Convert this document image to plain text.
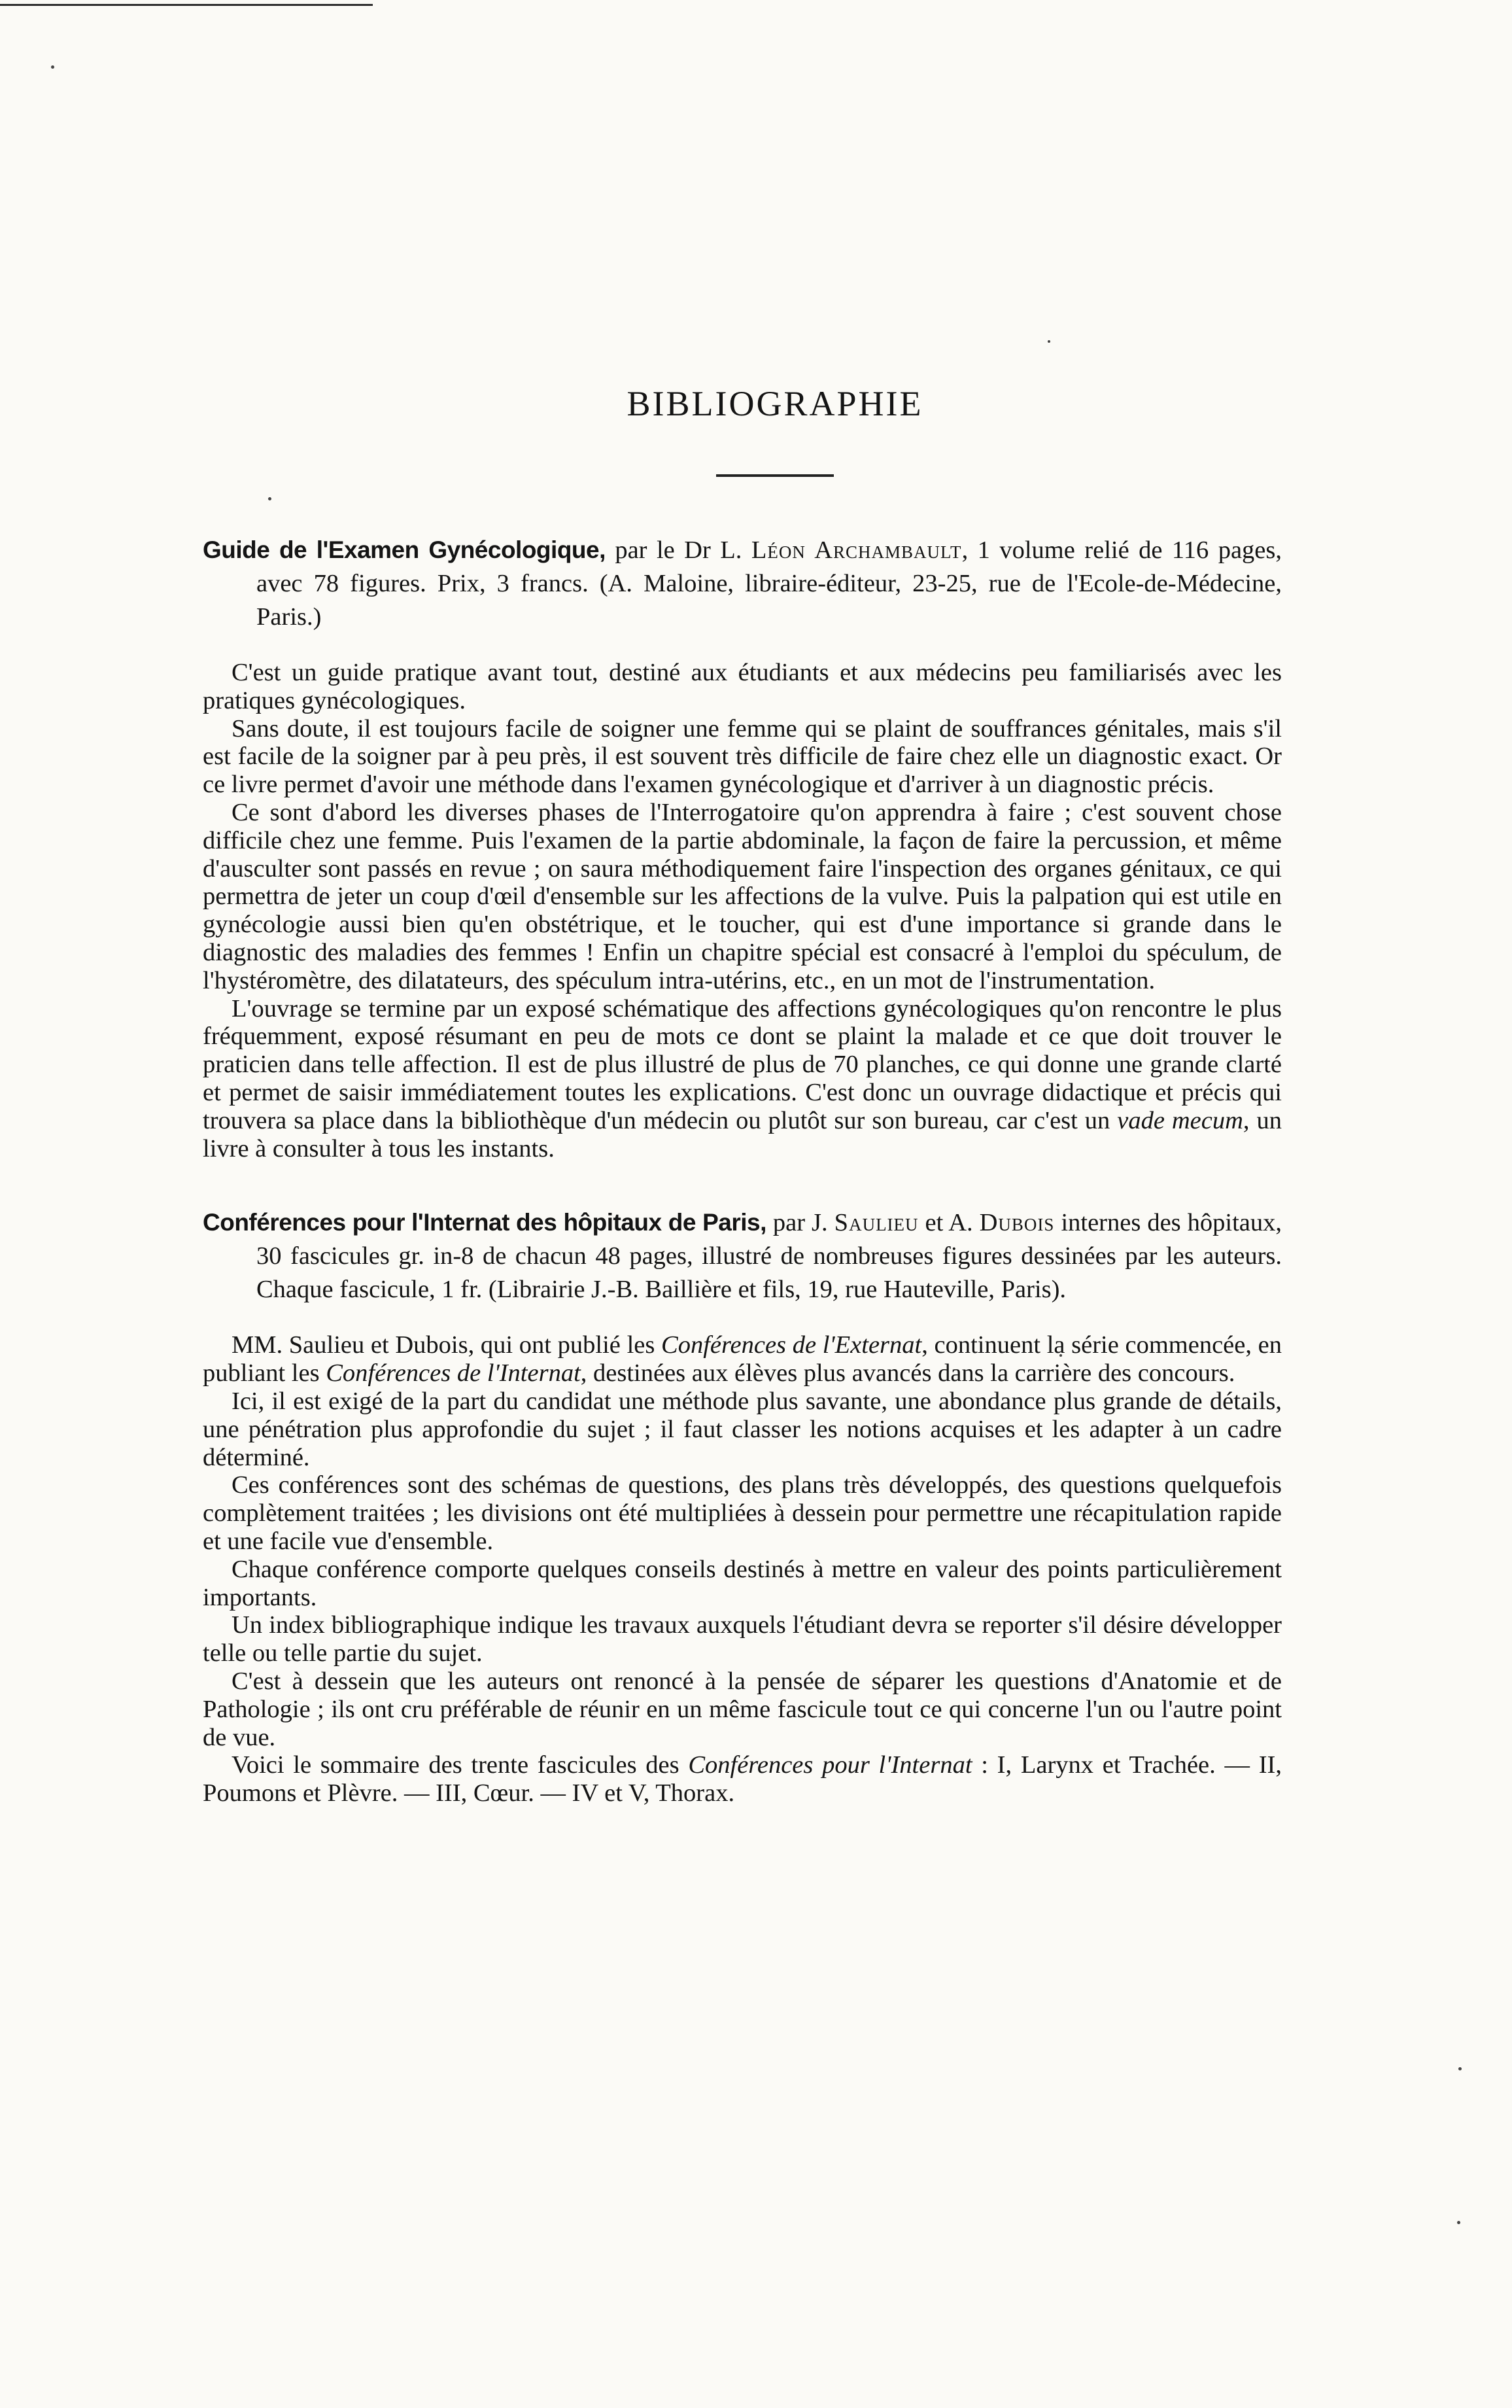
BIBLIOGRAPHIE
Guide de l'Examen Gynécologique, par le Dr L. Léon Archambault, 1 volume relié de 116 pages, avec 78 figures. Prix, 3 francs. (A. Maloine, libraire-éditeur, 23-25, rue de l'Ecole-de-Médecine, Paris.)

C'est un guide pratique avant tout, destiné aux étudiants et aux médecins peu familiarisés avec les pratiques gynécologiques.

Sans doute, il est toujours facile de soigner une femme qui se plaint de souffrances génitales, mais s'il est facile de la soigner par à peu près, il est souvent très difficile de faire chez elle un diagnostic exact. Or ce livre permet d'avoir une méthode dans l'examen gynécologique et d'arriver à un diagnostic précis.

Ce sont d'abord les diverses phases de l'Interrogatoire qu'on apprendra à faire ; c'est souvent chose difficile chez une femme. Puis l'examen de la partie abdominale, la façon de faire la percussion, et même d'ausculter sont passés en revue ; on saura méthodiquement faire l'inspection des organes génitaux, ce qui permettra de jeter un coup d'œil d'ensemble sur les affections de la vulve. Puis la palpation qui est utile en gynécologie aussi bien qu'en obstétrique, et le toucher, qui est d'une importance si grande dans le diagnostic des maladies des femmes ! Enfin un chapitre spécial est consacré à l'emploi du spéculum, de l'hystéromètre, des dilatateurs, des spéculum intra-utérins, etc., en un mot de l'instrumentation.

L'ouvrage se termine par un exposé schématique des affections gynécologiques qu'on rencontre le plus fréquemment, exposé résumant en peu de mots ce dont se plaint la malade et ce que doit trouver le praticien dans telle affection. Il est de plus illustré de plus de 70 planches, ce qui donne une grande clarté et permet de saisir immédiatement toutes les explications. C'est donc un ouvrage didactique et précis qui trouvera sa place dans la bibliothèque d'un médecin ou plutôt sur son bureau, car c'est un vade mecum, un livre à consulter à tous les instants.

Conférences pour l'Internat des hôpitaux de Paris, par J. Saulieu et A. Dubois internes des hôpitaux, 30 fascicules gr. in-8 de chacun 48 pages, illustré de nombreuses figures dessinées par les auteurs. Chaque fascicule, 1 fr. (Librairie J.-B. Baillière et fils, 19, rue Hauteville, Paris).

MM. Saulieu et Dubois, qui ont publié les Conférences de l'Externat, continuent la série commencée, en publiant les Conférences de l'Internat, destinées aux élèves plus avancés dans la carrière des concours.

Ici, il est exigé de la part du candidat une méthode plus savante, une abondance plus grande de détails, une pénétration plus approfondie du sujet ; il faut classer les notions acquises et les adapter à un cadre déterminé.

Ces conférences sont des schémas de questions, des plans très développés, des questions quelquefois complètement traitées ; les divisions ont été multipliées à dessein pour permettre une récapitulation rapide et une facile vue d'ensemble.

Chaque conférence comporte quelques conseils destinés à mettre en valeur des points particulièrement importants.

Un index bibliographique indique les travaux auxquels l'étudiant devra se reporter s'il désire développer telle ou telle partie du sujet.

C'est à dessein que les auteurs ont renoncé à la pensée de séparer les questions d'Anatomie et de Pathologie ; ils ont cru préférable de réunir en un même fascicule tout ce qui concerne l'un ou l'autre point de vue.

Voici le sommaire des trente fascicules des Conférences pour l'Internat : I, Larynx et Trachée. — II, Poumons et Plèvre. — III, Cœur. — IV et V, Thorax.
